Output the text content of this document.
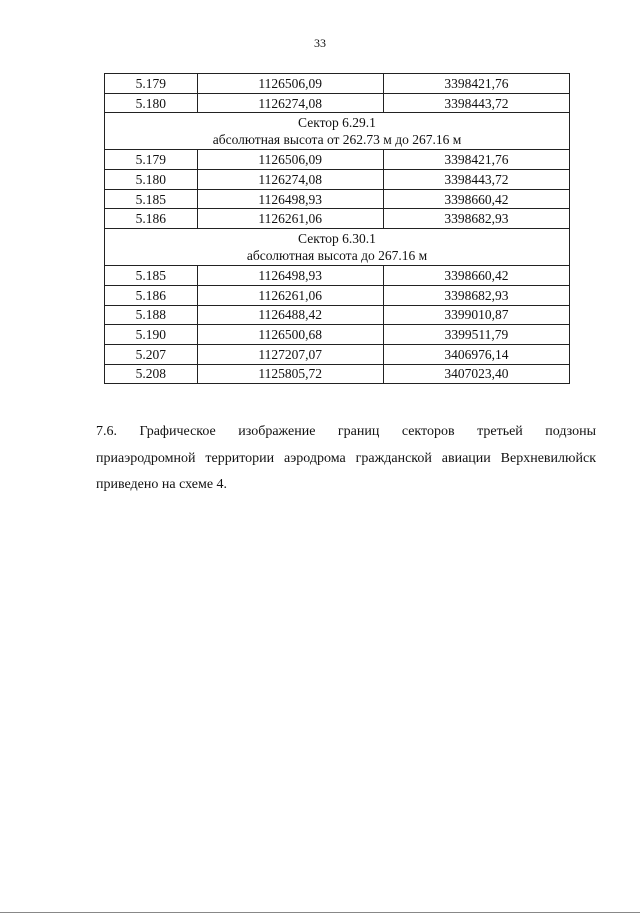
33
5.179	1126506,09	3398421,76
5.180	1126274,08	3398443,72

Сектор 6.29.1
абсолютная высота от 262.73 м до 267.16 м		

5.179	1126506,09	3398421,76
5.180	1126274,08	3398443,72
5.185	1126498,93	3398660,42
5.186	1126261,06	3398682,93

Сектор 6.30.1
абсолютная высота до 267.16 м		

5.185	1126498,93	3398660,42
5.186	1126261,06	3398682,93
5.188	1126488,42	3399010,87
5.190	1126500,68	3399511,79
5.207	1127207,07	3406976,14
5.208	1125805,72	3407023,40
7.6. Графическое изображение границ секторов третьей подзоны
приаэродромной территории аэродрома гражданской авиации Верхневилюйск
приведено на схеме 4.
